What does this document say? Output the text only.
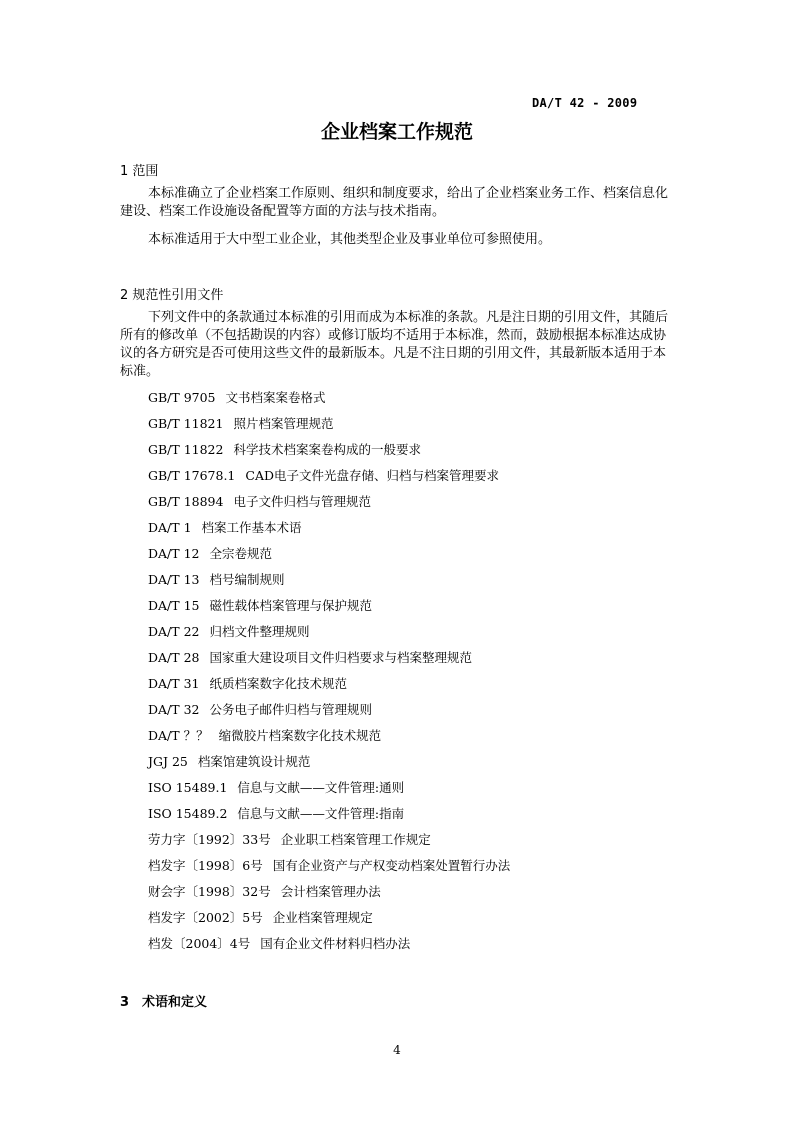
DA/T 42 - 2009
企业档案工作规范
1 范围

本标准确立了企业档案工作原则、组织和制度要求，给出了企业档案业务工作、档案信息化建设、档案工作设施设备配置等方面的方法与技术指南。

本标准适用于大中型工业企业，其他类型企业及事业单位可参照使用。

2 规范性引用文件

下列文件中的条款通过本标准的引用而成为本标准的条款。凡是注日期的引用文件，其随后所有的修改单（不包括勘误的内容）或修订版均不适用于本标准，然而，鼓励根据本标准达成协议的各方研究是否可使用这些文件的最新版本。凡是不注日期的引用文件，其最新版本适用于本标准。

GB/T 9705 文书档案案卷格式
GB/T 11821 照片档案管理规范
GB/T 11822 科学技术档案案卷构成的一般要求
GB/T 17678.1 CAD电子文件光盘存储、归档与档案管理要求
GB/T 18894 电子文件归档与管理规范
DA/T 1 档案工作基本术语
DA/T 12 全宗卷规范
DA/T 13 档号编制规则
DA/T 15 磁性载体档案管理与保护规范
DA/T 22 归档文件整理规则
DA/T 28 国家重大建设项目文件归档要求与档案整理规范
DA/T 31 纸质档案数字化技术规范
DA/T 32 公务电子邮件归档与管理规则
DA/T ？？ 缩微胶片档案数字化技术规范
JGJ 25 档案馆建筑设计规范
ISO 15489.1 信息与文献——文件管理:通则
ISO 15489.2 信息与文献——文件管理:指南
劳力字〔1992〕33号 企业职工档案管理工作规定
档发字〔1998〕6号 国有企业资产与产权变动档案处置暂行办法
财会字〔1998〕32号 会计档案管理办法
档发字〔2002〕5号 企业档案管理规定
档发〔2004〕4号 国有企业文件材料归档办法
3　术语和定义
4
